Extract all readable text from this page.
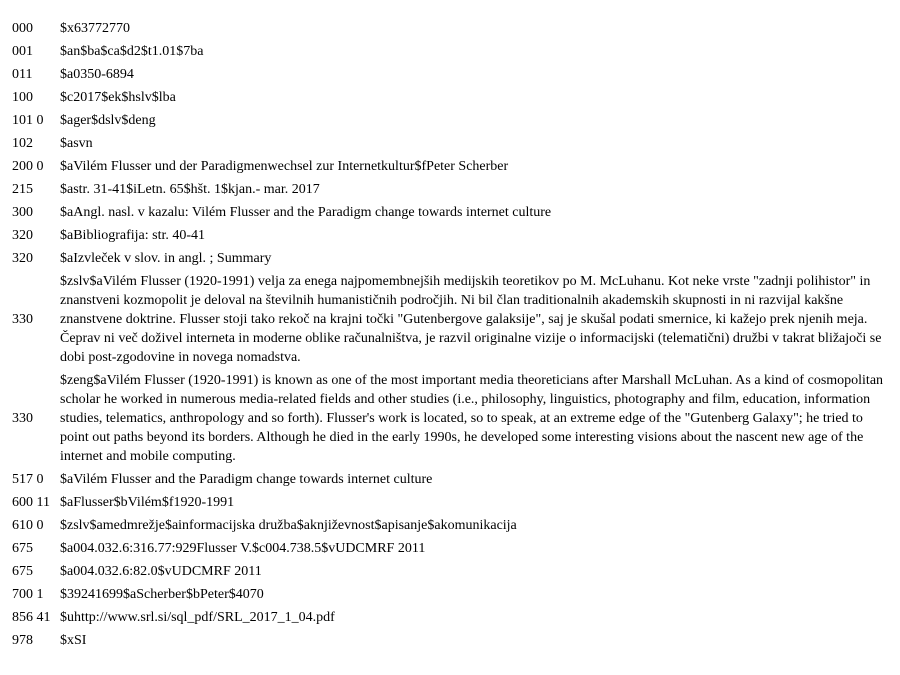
000	$x63772770
001	$an$ba$ca$d2$t1.01$7ba
011	$a0350-6894
100	$c2017$ek$hslv$lba
101 0	$ager$dslv$deng
102	$asvn
200 0	$aVilém Flusser und der Paradigmenwechsel zur Internetkultur$fPeter Scherber
215	$astr. 31-41$iLetn. 65$hšt. 1$kjan.- mar. 2017
300	$aAngl. nasl. v kazalu: Vilém Flusser and the Paradigm change towards internet culture
320	$aBibliografija: str. 40-41
320	$aIzvleček v slov. in angl. ; Summary
330	$zslv$aVilém Flusser (1920-1991) velja za enega najpomembnejših medijskih teoretikov po M. McLuhanu. Kot neke vrste "zadnji polihistor" in znanstveni kozmopolit je deloval na številnih humanističnih področjih. Ni bil član traditionalnih akademskih skupnosti in ni razvijal kakšne znanstvene doktrine. Flusser stoji tako rekoč na krajni točki "Gutenbergove galaksije", saj je skušal podati smernice, ki kažejo prek njenih meja. Čeprav ni več doživel interneta in moderne oblike računalništva, je razvil originalne vizije o informacijski (telematični) družbi v takrat bližajoči se dobi post-zgodovine in novega nomadstva.
330	$zeng$aVilém Flusser (1920-1991) is known as one of the most important media theoreticians after Marshall McLuhan. As a kind of cosmopolitan scholar he worked in numerous media-related fields and other studies (i.e., philosophy, linguistics, photography and film, education, information studies, telematics, anthropology and so forth). Flusser's work is located, so to speak, at an extreme edge of the "Gutenberg Galaxy"; he tried to point out paths beyond its borders. Although he died in the early 1990s, he developed some interesting visions about the nascent new age of the internet and mobile computing.
517 0	$aVilém Flusser and the Paradigm change towards internet culture
600 11	$aFlusser$bVilém$f1920-1991
610 0	$zslv$amedmrežje$ainformacijska družba$aknjiževnost$apisanje$akomunikacija
675	$a004.032.6:316.77:929Flusser V.$c004.738.5$vUDCMRF 2011
675	$a004.032.6:82.0$vUDCMRF 2011
700 1	$39241699$aScherber$bPeter$4070
856 41	$uhttp://www.srl.si/sql_pdf/SRL_2017_1_04.pdf
978	$xSI
